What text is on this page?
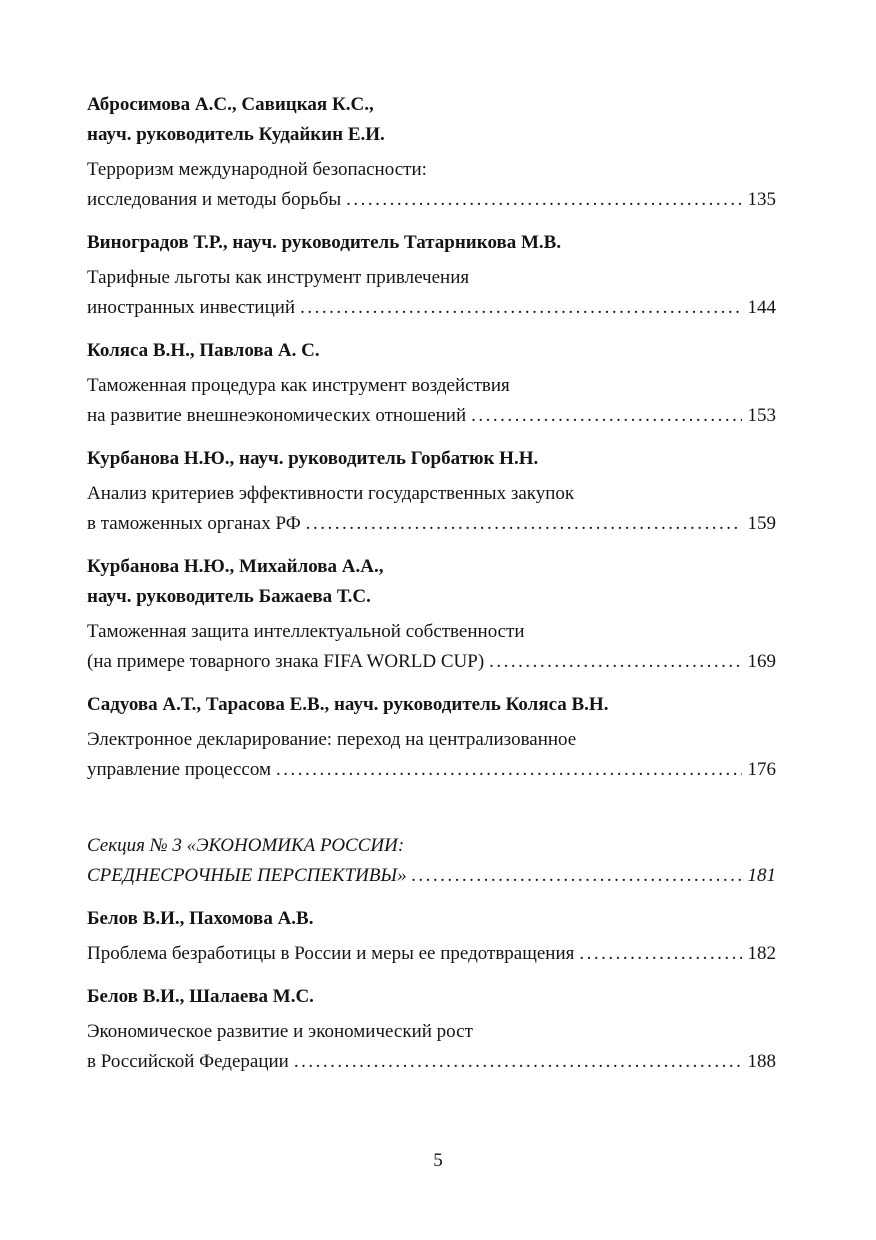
Абросимова А.С., Савицкая К.С.,
науч. руководитель Кудайкин Е.И.
Терроризм международной безопасности:
исследования и методы борьбы .....	135
Виноградов Т.Р., науч. руководитель Татарникова М.В.
Тарифные льготы как инструмент привлечения
иностранных инвестиций .....	144
Коляса В.Н., Павлова А. С.
Таможенная процедура как инструмент воздействия
на развитие внешнеэкономических отношений .....	153
Курбанова Н.Ю., науч. руководитель Горбатюк Н.Н.
Анализ критериев эффективности государственных закупок
в таможенных органах РФ .....	159
Курбанова Н.Ю., Михайлова А.А.,
науч. руководитель Бажаева Т.С.
Таможенная защита интеллектуальной собственности
(на примере товарного знака FIFA WORLD CUP) .....	169
Садуова А.Т., Тарасова Е.В., науч. руководитель Коляса В.Н.
Электронное декларирование: переход на централизованное
управление процессом .....	176
Секция № 3 «ЭКОНОМИКА РОССИИ:
СРЕДНЕСРОЧНЫЕ ПЕРСПЕКТИВЫ» .....	181
Белов В.И., Пахомова А.В.
Проблема безработицы в России и меры ее предотвращения .....	182
Белов В.И., Шалаева М.С.
Экономическое развитие и экономический рост
в Российской Федерации .....	188
5
